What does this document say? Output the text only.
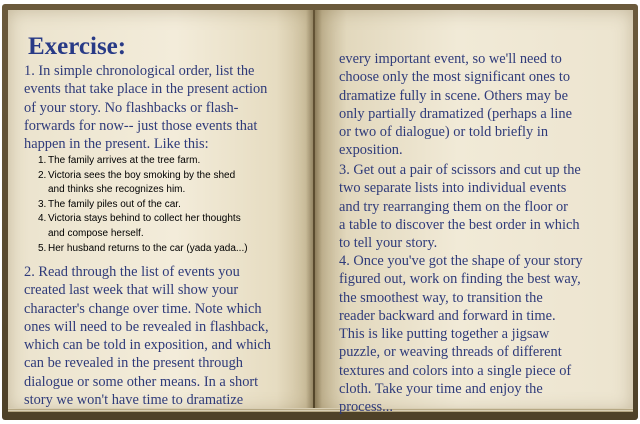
Exercise:

1. In simple chronological order, list the
events that take place in the present action
of your story. No flashbacks or flash-
forwards for now-- just those events that
happen in the present. Like this:

1. The family arrives at the tree farm.
2. Victoria sees the boy smoking by the shed
and thinks she recognizes him.
3. The family piles out of the car.
4. Victoria stays behind to collect her thoughts
and compose herself.
5. Her husband returns to the car (yada yada...)

2. Read through the list of events you
created last week that will show your
character's change over time. Note which
ones will need to be revealed in flashback,
which can be told in exposition, and which
can be revealed in the present through
dialogue or some other means. In a short
story we won't have time to dramatize

every important event, so we'll need to
choose only the most significant ones to
dramatize fully in scene. Others may be
only partially dramatized (perhaps a line
or two of dialogue) or told briefly in
exposition.

3. Get out a pair of scissors and cut up the
two separate lists into individual events
and try rearranging them on the floor or
a table to discover the best order in which
to tell your story.

4. Once you've got the shape of your story
figured out, work on finding the best way,
the smoothest way, to transition the
reader backward and forward in time.
This is like putting together a jigsaw
puzzle, or weaving threads of different
textures and colors into a single piece of
cloth. Take your time and enjoy the
process...
